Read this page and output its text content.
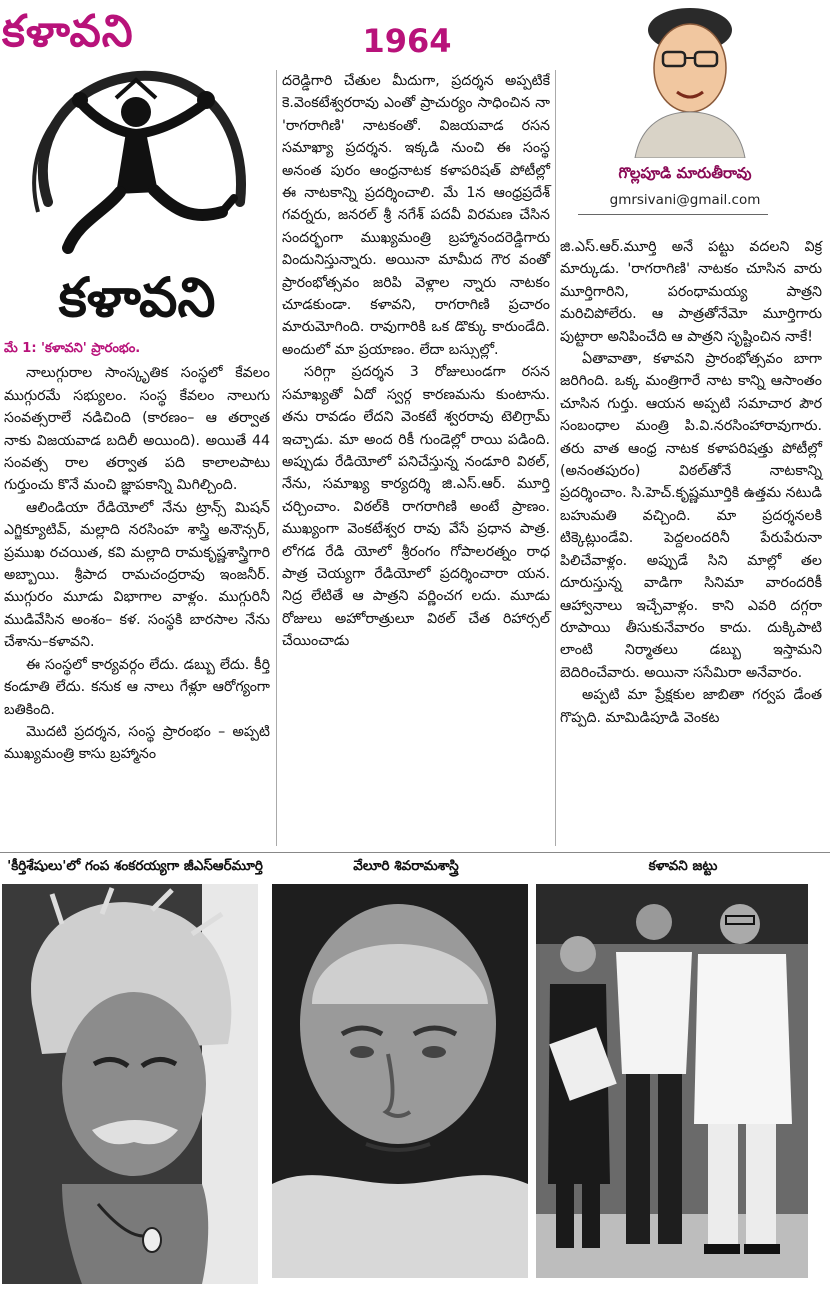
కళావని	1964
కళావని

మే 1: 'కళావని' ప్రారంభం.

నాలుగ్గురాల సాంస్కృతిక సంస్థలో కేవలం ముగ్గురమే సభ్యులం. సంస్థ కేవలం నాలుగు సంవత్సరాలే నడిచింది (కారణం– ఆ తర్వాత నాకు విజయవాడ బదిలీ అయింది). అయితే 44 సంవత్స రాల తర్వాత పది కాలాలపాటు గుర్తుంచు కొనే మంచి జ్ఞాపకాన్ని మిగిల్చింది.

ఆలిండియా రేడియోలో నేను ట్రాన్స్ మిషన్ ఎగ్జిక్యూటివ్, మల్లాది నరసింహ శాస్త్రి అనౌన్సర్, ప్రముఖ రచయిత, కవి మల్లాది రామకృష్ణశాస్త్రిగారి అబ్బాయి. శ్రీపాద రామచంద్రరావు ఇంజనీర్. ముగ్గురం మూడు విభాగాల వాళ్లం. ముగ్గురినీ ముడివేసిన అంశం– కళ. సంస్థకి బారసాల నేను చేశాను–కళావని.

ఈ సంస్థలో కార్యవర్గం లేదు. డబ్బు లేదు. కీర్తి కండూతి లేదు. కనుక ఆ నాలు గేళ్లూ ఆరోగ్యంగా బతికింది.

మొదటి ప్రదర్శన, సంస్థ ప్రారంభం – అప్పటి ముఖ్యమంత్రి కాసు బ్రహ్మానం

దరెడ్డిగారి చేతుల మీదుగా, ప్రదర్శన అప్పటికే కె.వెంకటేశ్వరరావు ఎంతో ప్రాచుర్యం సాధించిన నా 'రాగరాగిణి' నాటకంతో. విజయవాడ రసన సమాఖ్యా ప్రదర్శన. ఇక్కడి నుంచి ఈ సంస్థ అనంత పురం ఆంధ్రనాటక కళాపరిషత్ పోటీల్లో ఈ నాటకాన్ని ప్రదర్శించాలి. మే 1న ఆంధ్రప్రదేశ్ గవర్నరు, జనరల్ శ్రీ నగేశ్ పదవీ విరమణ చేసిన సందర్భంగా ముఖ్యమంత్రి బ్రహ్మానందరెడ్డిగారు విందునిస్తున్నారు. అయినా మామీద గౌర వంతో ప్రారంభోత్సవం జరిపి వెళ్లాల న్నారు నాటకం చూడకుండా. కళావని, రాగరాగిణి ప్రచారం మారుమోగింది. రావుగారికి ఒక డొక్కు కారుండేది. అందులో మా ప్రయాణం. లేదా బస్సుల్లో.

సరిగ్గా ప్రదర్శన 3 రోజులుండగా రసన సమాఖ్యతో ఏదో స్వర్గ కారణమను కుంటాను. తను రావడం లేదని వెంకటే శ్వరరావు టెలిగ్రామ్ ఇచ్చాడు. మా అంద రికీ గుండెల్లో రాయి పడింది. అప్పుడు రేడియోలో పనిచేస్తున్న నండూరి విఠల్, నేను, సమాఖ్య కార్యదర్శి జి.ఎస్.ఆర్. మూర్తి చర్చించాం. విఠల్‌కి రాగరాగిణి అంటే ప్రాణం. ముఖ్యంగా వెంకటేశ్వర రావు వేసే ప్రధాన పాత్ర. లోగడ రేడి యోలో శ్రీరంగం గోపాలరత్నం రాధ పాత్ర చెయ్యగా రేడియోలో ప్రదర్శించారా యన. నిద్ర లేటితే ఆ పాత్రని వర్ణించగ లదు. మూడు రోజులు అహోరాత్రులూ విఠల్ చేత రిహార్సల్ చేయించాడు

గొల్లపూడి మారుతీరావు
gmrsivani@gmail.com

జి.ఎస్.ఆర్.మూర్తి అనే పట్టు వదలని విక్ర మార్కుడు. 'రాగరాగిణి' నాటకం చూసిన వారు మూర్తిగారిని, పరంధామయ్య పాత్రని మరిచిపోలేరు. ఆ పాత్రతోనేమో మూర్తిగారు పుట్టారా అనిపించేది ఆ పాత్రని సృష్టించిన నాకే!

ఏతావాతా, కళావని ప్రారంభోత్సవం బాగా జరిగింది. ఒక్క మంత్రిగారే నాట కాన్ని ఆసాంతం చూసిన గుర్తు. ఆయన అప్పటి సమాచార పౌర సంబంధాల మంత్రి పి.వి.నరసింహారావుగారు. తరు వాత ఆంధ్ర నాటక కళాపరిషత్తు పోటీల్లో (అనంతపురం) విఠల్‌తోనే నాటకాన్ని ప్రదర్శించాం. సి.హెచ్.కృష్ణమూర్తికి ఉత్తమ నటుడి బహుమతి వచ్చింది. మా ప్రదర్శనలకి టిక్కెట్లుండేవి. పెద్దలందరినీ పేరుపేరునా పిలిచేవాళ్లం. అప్పుడే సిని మాల్లో తల దూరుస్తున్న వాడిగా సినిమా వారందరికీ ఆహ్వానాలు ఇచ్చేవాళ్లం. కాని ఎవరి దగ్గరా రూపాయి తీసుకునేవారం కాదు. దుక్కిపాటి లాంటి నిర్మాతలు డబ్బు ఇస్తామని బెదిరించేవారు. అయినా ససేమిరా అనేవారం.

అప్పటి మా ప్రేక్షకుల జాబితా గర్వప డేంత గొప్పది. మామిడిపూడి వెంకట

'కీర్తిశేషులు'లో గంప శంకరయ్యగా జీఎస్‌ఆర్‌మూర్తి	వేలూరి శివరామశాస్త్రి	కళావని జట్టు
